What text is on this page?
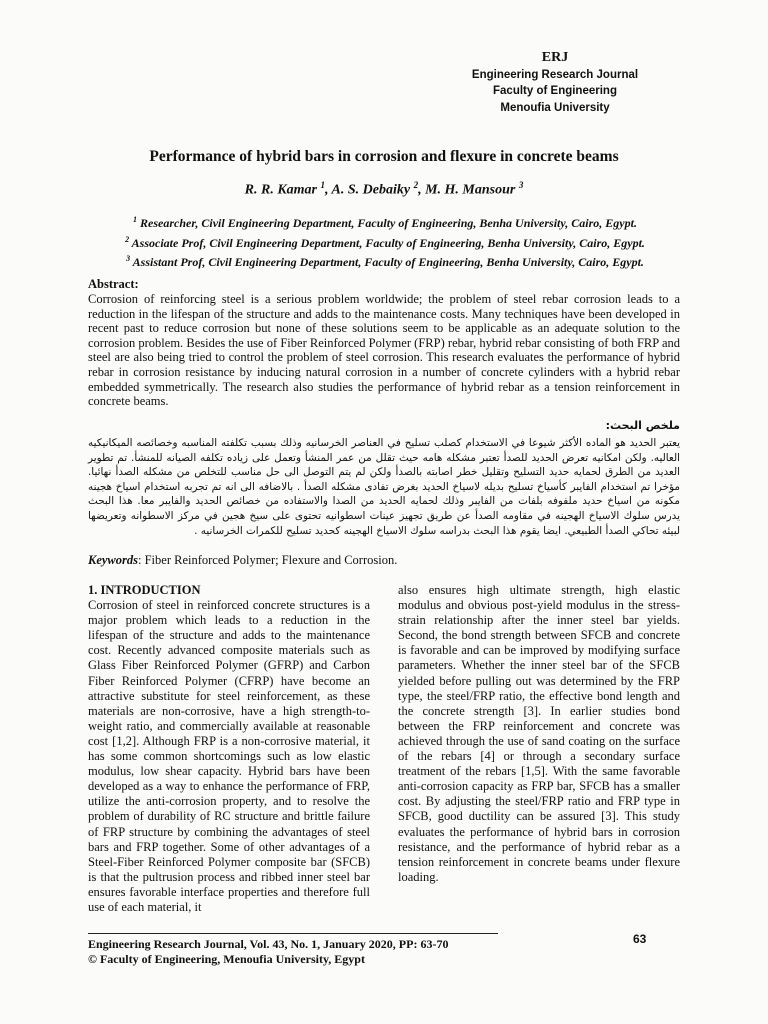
ERJ
Engineering Research Journal
Faculty of Engineering
Menoufia University
Performance of hybrid bars in corrosion and flexure in concrete beams
R. R. Kamar $^1$, A. S. Debaiky $^2$, M. H. Mansour $^3$
$^1$ Researcher, Civil Engineering Department, Faculty of Engineering, Benha University, Cairo, Egypt.
$^2$ Associate Prof, Civil Engineering Department, Faculty of Engineering, Benha University, Cairo, Egypt.
$^3$ Assistant Prof, Civil Engineering Department, Faculty of Engineering, Benha University, Cairo, Egypt.
Abstract:
Corrosion of reinforcing steel is a serious problem worldwide; the problem of steel rebar corrosion leads to a reduction in the lifespan of the structure and adds to the maintenance costs. Many techniques have been developed in recent past to reduce corrosion but none of these solutions seem to be applicable as an adequate solution to the corrosion problem. Besides the use of Fiber Reinforced Polymer (FRP) rebar, hybrid rebar consisting of both FRP and steel are also being tried to control the problem of steel corrosion. This research evaluates the performance of hybrid rebar in corrosion resistance by inducing natural corrosion in a number of concrete cylinders with a hybrid rebar embedded symmetrically. The research also studies the performance of hybrid rebar as a tension reinforcement in concrete beams.
ملخص البحث:
يعتبر الحديد هو الماده الأكثر شيوعا في الاستخدام كصلب تسليح في العناصر الخرسانيه وذلك بسبب تكلفته المناسبه وخصائصه الميكانيكيه العاليه. ولكن امكانيه تعرض الحديد للصدأ تعتبر مشكله هامه حيث تقلل من عمر المنشأ وتعمل على زياده تكلفه الصيانه للمنشأ. تم تطوير العديد من الطرق لحمايه حديد التسليح وتقليل خطر اصابته بالصدأ ولكن لم يتم التوصل الى حل مناسب للتخلص من مشكله الصدأ نهائيا. مؤخرا تم استخدام الفايبر كأسياخ تسليح بديله لاسياخ الحديد بغرض تفادى مشكله الصدأ . بالاضافه الى انه تم تجربه استخدام اسياخ هجينه مكونه من اسياخ حديد ملفوفه بلفات من الفايبر وذلك لحمايه الحديد من الصدا والاستفاده من خصائص الحديد والفايبر معا. هذا البحث يدرس سلوك الاسياخ الهجينه في مقاومه الصدأ عن طريق تجهيز عينات اسطوانيه تحتوى على سيخ هجين في مركز الاسطوانه وتعريضها لبيئه تحاكي الصدأ الطبيعي. ايضا يقوم هذا البحث بدراسه سلوك الاسياخ الهجينه كحديد تسليح للكمرات الخرسانيه .
Keywords: Fiber Reinforced Polymer; Flexure and Corrosion.
1. INTRODUCTION
Corrosion of steel in reinforced concrete structures is a major problem which leads to a reduction in the lifespan of the structure and adds to the maintenance cost. Recently advanced composite materials such as Glass Fiber Reinforced Polymer (GFRP) and Carbon Fiber Reinforced Polymer (CFRP) have become an attractive substitute for steel reinforcement, as these materials are non-corrosive, have a high strength-to-weight ratio, and commercially available at reasonable cost [1,2]. Although FRP is a non-corrosive material, it has some common shortcomings such as low elastic modulus, low shear capacity. Hybrid bars have been developed as a way to enhance the performance of FRP, utilize the anti-corrosion property, and to resolve the problem of durability of RC structure and brittle failure of FRP structure by combining the advantages of steel bars and FRP together. Some of other advantages of a Steel-Fiber Reinforced Polymer composite bar (SFCB) is that the pultrusion process and ribbed inner steel bar ensures favorable interface properties and therefore full use of each material, it
also ensures high ultimate strength, high elastic modulus and obvious post-yield modulus in the stress-strain relationship after the inner steel bar yields. Second, the bond strength between SFCB and concrete is favorable and can be improved by modifying surface parameters. Whether the inner steel bar of the SFCB yielded before pulling out was determined by the FRP type, the steel/FRP ratio, the effective bond length and the concrete strength [3]. In earlier studies bond between the FRP reinforcement and concrete was achieved through the use of sand coating on the surface of the rebars [4] or through a secondary surface treatment of the rebars [1,5]. With the same favorable anti-corrosion capacity as FRP bar, SFCB has a smaller cost. By adjusting the steel/FRP ratio and FRP type in SFCB, good ductility can be assured [3]. This study evaluates the performance of hybrid bars in corrosion resistance, and the performance of hybrid rebar as a tension reinforcement in concrete beams under flexure loading.
Engineering Research Journal, Vol. 43, No. 1, January 2020, PP: 63-70
© Faculty of Engineering, Menoufia University, Egypt
63
